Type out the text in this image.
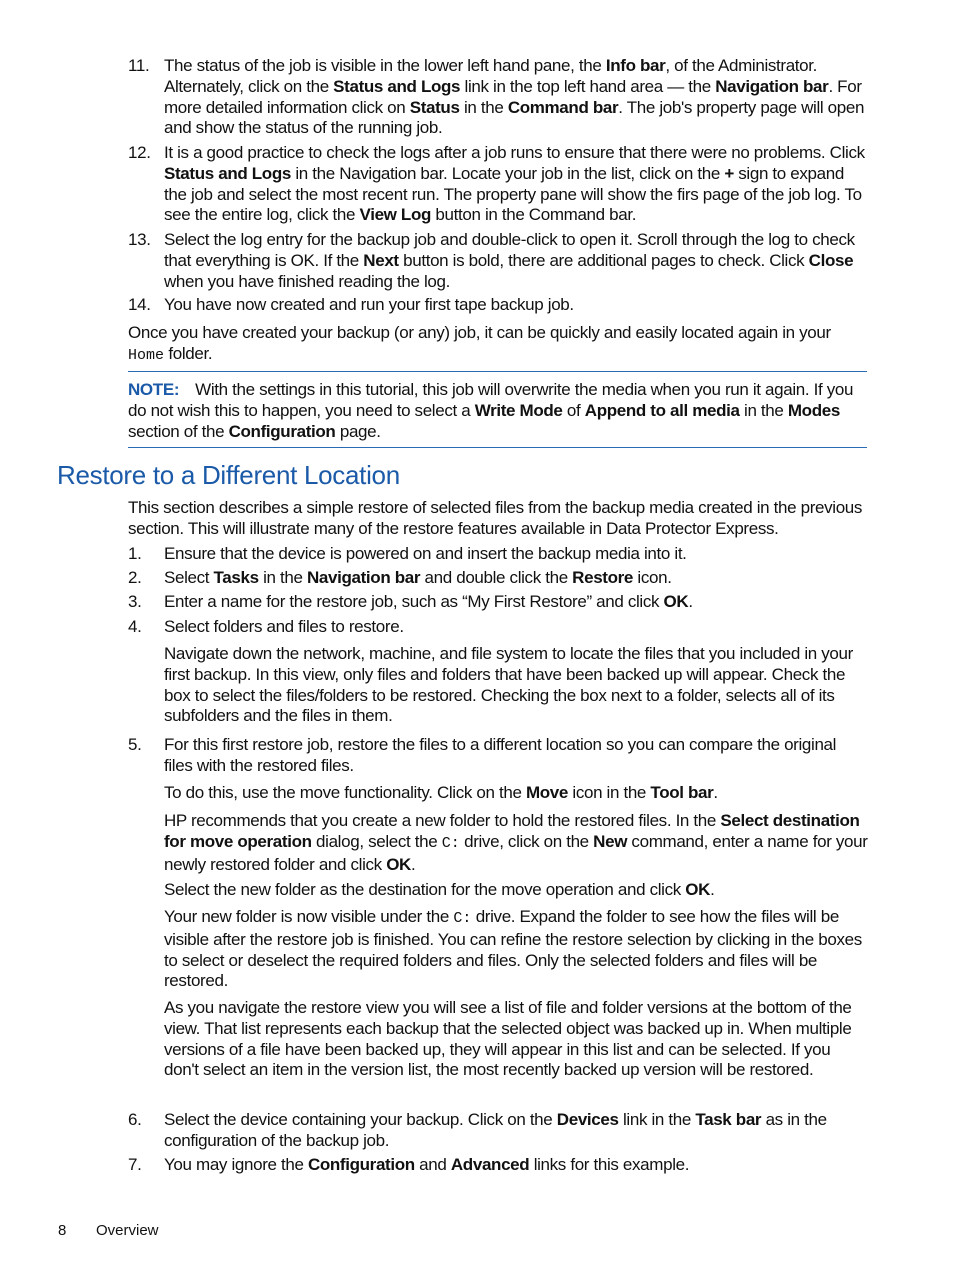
11. The status of the job is visible in the lower left hand pane, the Info bar, of the Administrator. Alternately, click on the Status and Logs link in the top left hand area — the Navigation bar. For more detailed information click on Status in the Command bar. The job's property page will open and show the status of the running job.
12. It is a good practice to check the logs after a job runs to ensure that there were no problems. Click Status and Logs in the Navigation bar. Locate your job in the list, click on the + sign to expand the job and select the most recent run. The property pane will show the firs page of the job log. To see the entire log, click the View Log button in the Command bar.
13. Select the log entry for the backup job and double-click to open it. Scroll through the log to check that everything is OK. If the Next button is bold, there are additional pages to check. Click Close when you have finished reading the log.
14. You have now created and run your first tape backup job.
Once you have created your backup (or any) job, it can be quickly and easily located again in your Home folder.
NOTE: With the settings in this tutorial, this job will overwrite the media when you run it again. If you do not wish this to happen, you need to select a Write Mode of Append to all media in the Modes section of the Configuration page.
Restore to a Different Location
This section describes a simple restore of selected files from the backup media created in the previous section. This will illustrate many of the restore features available in Data Protector Express.
1.	Ensure that the device is powered on and insert the backup media into it.
2.	Select Tasks in the Navigation bar and double click the Restore icon.
3.	Enter a name for the restore job, such as “My First Restore” and click OK.
4.	Select folders and files to restore.
Navigate down the network, machine, and file system to locate the files that you included in your first backup. In this view, only files and folders that have been backed up will appear. Check the box to select the files/folders to be restored. Checking the box next to a folder, selects all of its subfolders and the files in them.
5.	For this first restore job, restore the files to a different location so you can compare the original files with the restored files.
To do this, use the move functionality. Click on the Move icon in the Tool bar.
HP recommends that you create a new folder to hold the restored files. In the Select destination for move operation dialog, select the C: drive, click on the New command, enter a name for your newly restored folder and click OK.
Select the new folder as the destination for the move operation and click OK.
Your new folder is now visible under the C: drive. Expand the folder to see how the files will be visible after the restore job is finished. You can refine the restore selection by clicking in the boxes to select or deselect the required folders and files. Only the selected folders and files will be restored.
As you navigate the restore view you will see a list of file and folder versions at the bottom of the view. That list represents each backup that the selected object was backed up in. When multiple versions of a file have been backed up, they will appear in this list and can be selected. If you don't select an item in the version list, the most recently backed up version will be restored.
6.	Select the device containing your backup. Click on the Devices link in the Task bar as in the configuration of the backup job.
7.	You may ignore the Configuration and Advanced links for this example.
8 Overview
